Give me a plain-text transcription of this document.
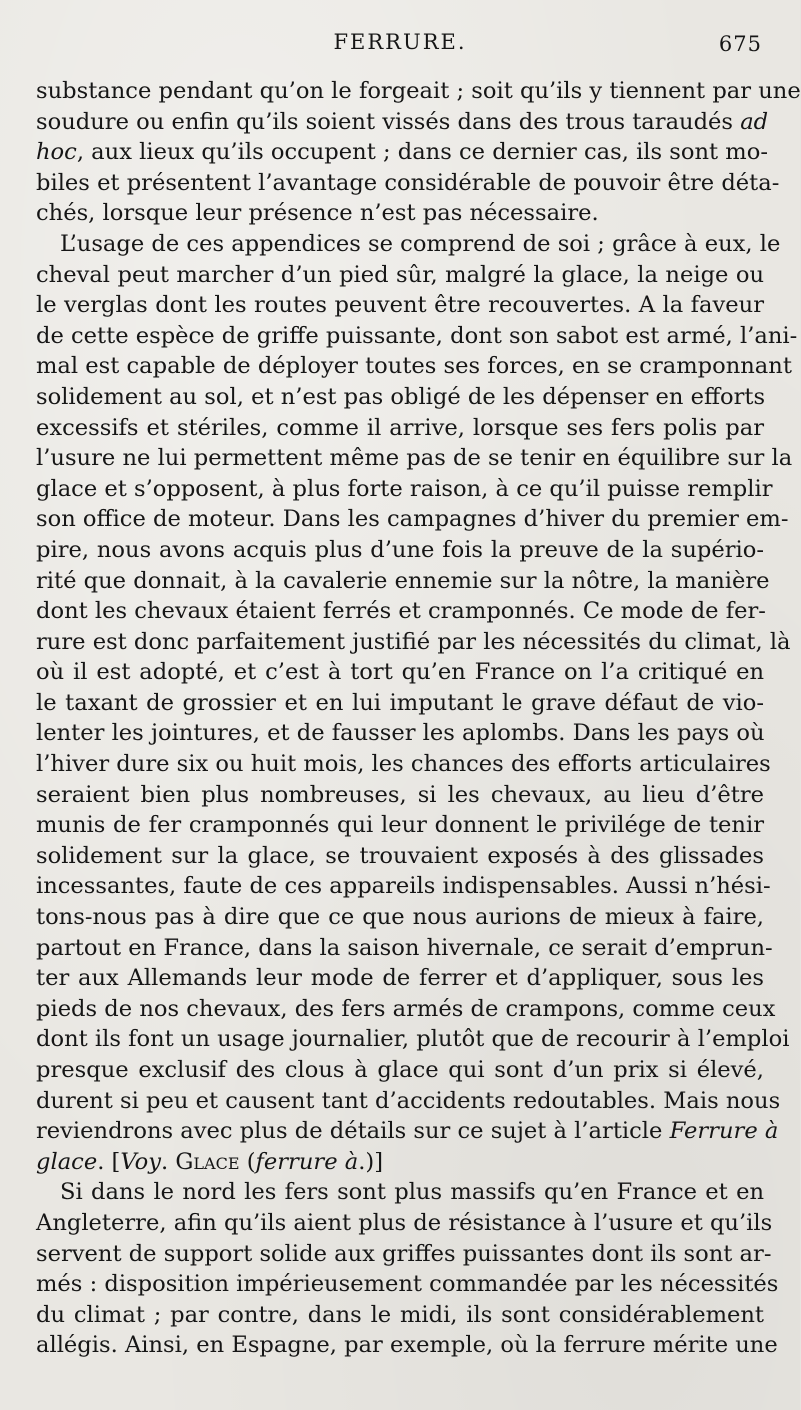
FERRURE.	675
substance pendant qu’on le forgeait ; soit qu’ils y tiennent par une
soudure ou enfin qu’ils soient vissés dans des trous taraudés ad
hoc, aux lieux qu’ils occupent ; dans ce dernier cas, ils sont mo-
biles et présentent l’avantage considérable de pouvoir être déta-
chés, lorsque leur présence n’est pas nécessaire.
L’usage de ces appendices se comprend de soi ; grâce à eux, le
cheval peut marcher d’un pied sûr, malgré la glace, la neige ou
le verglas dont les routes peuvent être recouvertes. A la faveur
de cette espèce de griffe puissante, dont son sabot est armé, l’ani-
mal est capable de déployer toutes ses forces, en se cramponnant
solidement au sol, et n’est pas obligé de les dépenser en efforts
excessifs et stériles, comme il arrive, lorsque ses fers polis par
l’usure ne lui permettent même pas de se tenir en équilibre sur la
glace et s’opposent, à plus forte raison, à ce qu’il puisse remplir
son office de moteur. Dans les campagnes d’hiver du premier em-
pire, nous avons acquis plus d’une fois la preuve de la supério-
rité que donnait, à la cavalerie ennemie sur la nôtre, la manière
dont les chevaux étaient ferrés et cramponnés. Ce mode de fer-
rure est donc parfaitement justifié par les nécessités du climat, là
où il est adopté, et c’est à tort qu’en France on l’a critiqué en
le taxant de grossier et en lui imputant le grave défaut de vio-
lenter les jointures, et de fausser les aplombs. Dans les pays où
l’hiver dure six ou huit mois, les chances des efforts articulaires
seraient bien plus nombreuses, si les chevaux, au lieu d’être
munis de fer cramponnés qui leur donnent le privilége de tenir
solidement sur la glace, se trouvaient exposés à des glissades
incessantes, faute de ces appareils indispensables. Aussi n’hési-
tons-nous pas à dire que ce que nous aurions de mieux à faire,
partout en France, dans la saison hivernale, ce serait d’emprun-
ter aux Allemands leur mode de ferrer et d’appliquer, sous les
pieds de nos chevaux, des fers armés de crampons, comme ceux
dont ils font un usage journalier, plutôt que de recourir à l’emploi
presque exclusif des clous à glace qui sont d’un prix si élevé,
durent si peu et causent tant d’accidents redoutables. Mais nous
reviendrons avec plus de détails sur ce sujet à l’article Ferrure à
glace. [Voy. Glace (ferrure à.)]
Si dans le nord les fers sont plus massifs qu’en France et en
Angleterre, afin qu’ils aient plus de résistance à l’usure et qu’ils
servent de support solide aux griffes puissantes dont ils sont ar-
més : disposition impérieusement commandée par les nécessités
du climat ; par contre, dans le midi, ils sont considérablement
allégis. Ainsi, en Espagne, par exemple, où la ferrure mérite une
